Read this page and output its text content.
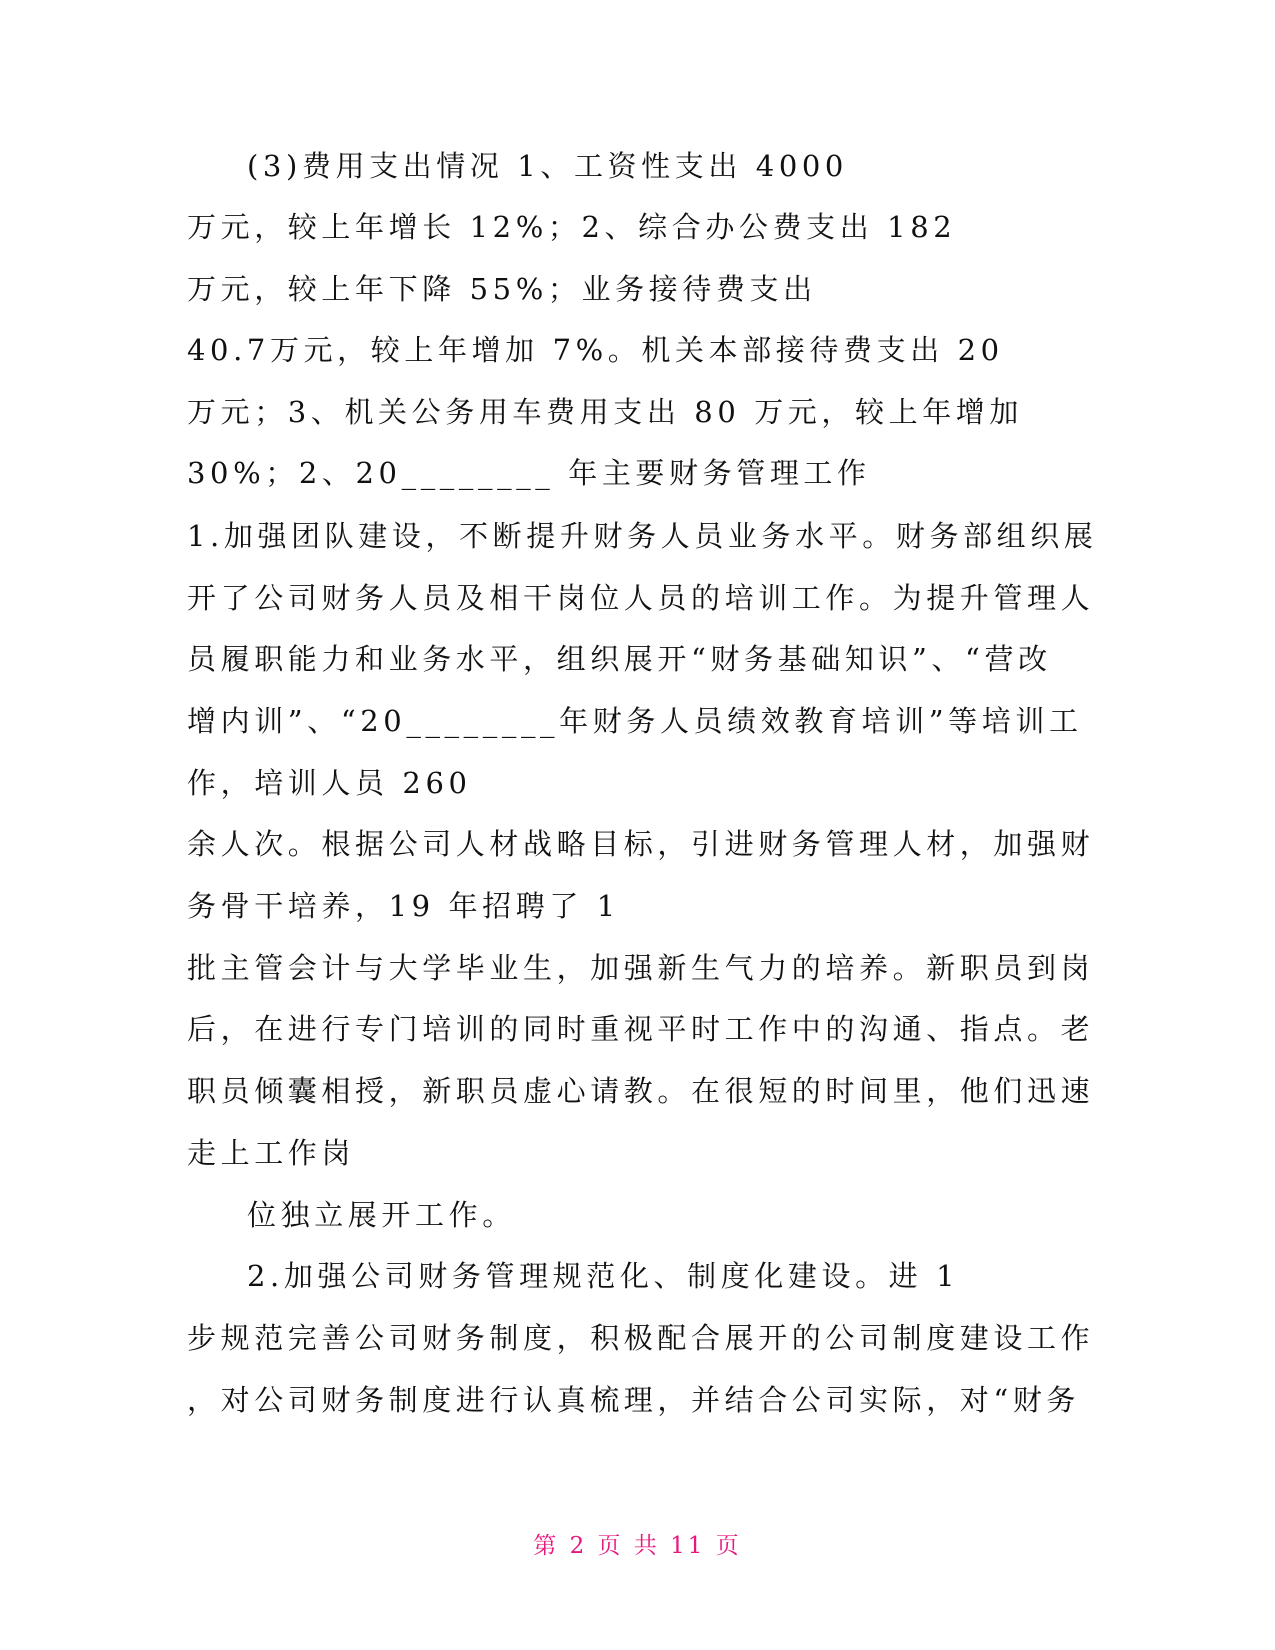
(3)费用支出情况 1、工资性支出 4000
万元，较上年增长 12%；2、综合办公费支出 182
万元，较上年下降 55%；业务接待费支出
40.7万元，较上年增加 7%。机关本部接待费支出 20
万元；3、机关公务用车费用支出 80 万元，较上年增加
30%；2、20________ 年主要财务管理工作
1.加强团队建设，不断提升财务人员业务水平。财务部组织展
开了公司财务人员及相干岗位人员的培训工作。为提升管理人
员履职能力和业务水平，组织展开“财务基础知识”、“营改
增内训”、“20________年财务人员绩效教育培训”等培训工
作，培训人员 260
余人次。根据公司人材战略目标，引进财务管理人材，加强财
务骨干培养，19 年招聘了 1
批主管会计与大学毕业生，加强新生气力的培养。新职员到岗
后，在进行专门培训的同时重视平时工作中的沟通、指点。老
职员倾囊相授，新职员虚心请教。在很短的时间里，他们迅速
走上工作岗
位独立展开工作。
2.加强公司财务管理规范化、制度化建设。进 1
步规范完善公司财务制度，积极配合展开的公司制度建设工作
，对公司财务制度进行认真梳理，并结合公司实际，对“财务
第 2 页 共 11 页
